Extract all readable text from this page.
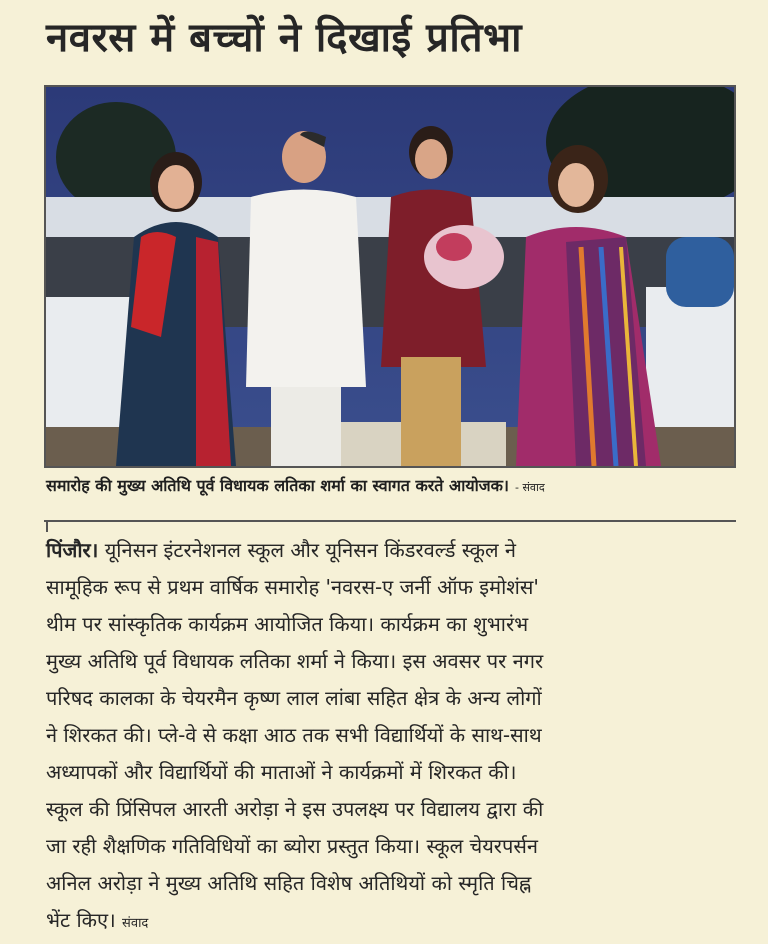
नवरस में बच्चों ने दिखाई प्रतिभा
समारोह की मुख्य अतिथि पूर्व विधायक लतिका शर्मा का स्वागत करते आयोजक। - संवाद
पिंजौर। यूनिसन इंटरनेशनल स्कूल और यूनिसन किंडरवर्ल्ड स्कूल ने
सामूहिक रूप से प्रथम वार्षिक समारोह 'नवरस-ए जर्नी ऑफ इमोशंस'
थीम पर सांस्कृतिक कार्यक्रम आयोजित किया। कार्यक्रम का शुभारंभ
मुख्य अतिथि पूर्व विधायक लतिका शर्मा ने किया। इस अवसर पर नगर
परिषद कालका के चेयरमैन कृष्ण लाल लांबा सहित क्षेत्र के अन्य लोगों
ने शिरकत की। प्ले-वे से कक्षा आठ तक सभी विद्यार्थियों के साथ-साथ
अध्यापकों और विद्यार्थियों की माताओं ने कार्यक्रमों में शिरकत की।
स्कूल की प्रिंसिपल आरती अरोड़ा ने इस उपलक्ष्य पर विद्यालय द्वारा की
जा रही शैक्षणिक गतिविधियों का ब्योरा प्रस्तुत किया। स्कूल चेयरपर्सन
अनिल अरोड़ा ने मुख्य अतिथि सहित विशेष अतिथियों को स्मृति चिह्न
भेंट किए। संवाद
